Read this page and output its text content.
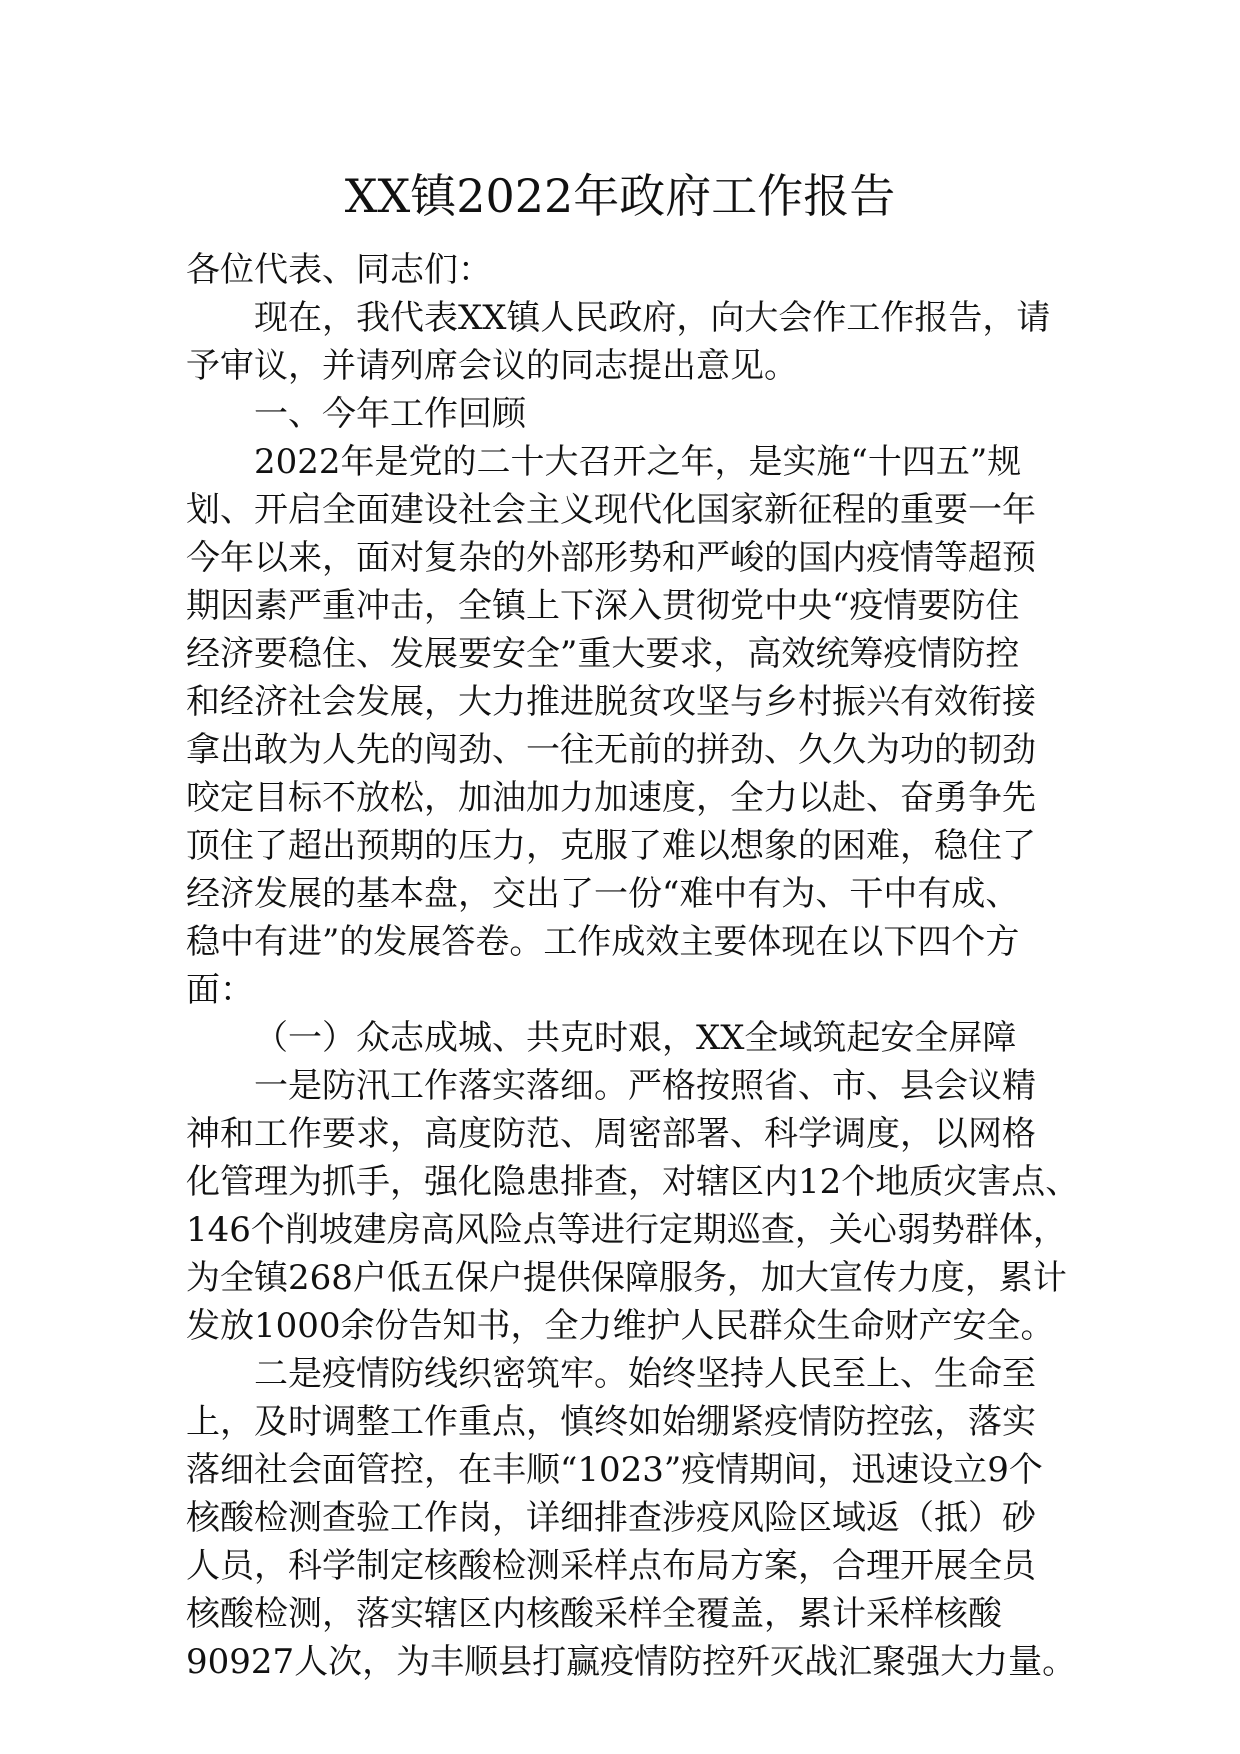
XX镇2022年政府工作报告
各位代表、同志们：
现在，我代表XX镇人民政府，向大会作工作报告，请
予审议，并请列席会议的同志提出意见。
一、今年工作回顾
2022年是党的二十大召开之年，是实施“十四五”规
划、开启全面建设社会主义现代化国家新征程的重要一年
今年以来，面对复杂的外部形势和严峻的国内疫情等超预
期因素严重冲击，全镇上下深入贯彻党中央“疫情要防住
经济要稳住、发展要安全”重大要求，高效统筹疫情防控
和经济社会发展，大力推进脱贫攻坚与乡村振兴有效衔接
拿出敢为人先的闯劲、一往无前的拼劲、久久为功的韧劲
咬定目标不放松，加油加力加速度，全力以赴、奋勇争先
顶住了超出预期的压力，克服了难以想象的困难，稳住了
经济发展的基本盘，交出了一份“难中有为、干中有成、
稳中有进”的发展答卷。工作成效主要体现在以下四个方
面：
（一）众志成城、共克时艰，XX全域筑起安全屏障
一是防汛工作落实落细。严格按照省、市、县会议精
神和工作要求，高度防范、周密部署、科学调度，以网格
化管理为抓手，强化隐患排查，对辖区内12个地质灾害点、
146个削坡建房高风险点等进行定期巡查，关心弱势群体，
为全镇268户低五保户提供保障服务，加大宣传力度，累计
发放1000余份告知书，全力维护人民群众生命财产安全。
二是疫情防线织密筑牢。始终坚持人民至上、生命至
上，及时调整工作重点，慎终如始绷紧疫情防控弦，落实
落细社会面管控，在丰顺“1023”疫情期间，迅速设立9个
核酸检测查验工作岗，详细排查涉疫风险区域返（抵）砂
人员，科学制定核酸检测采样点布局方案，合理开展全员
核酸检测，落实辖区内核酸采样全覆盖，累计采样核酸
90927人次，为丰顺县打赢疫情防控歼灭战汇聚强大力量。
